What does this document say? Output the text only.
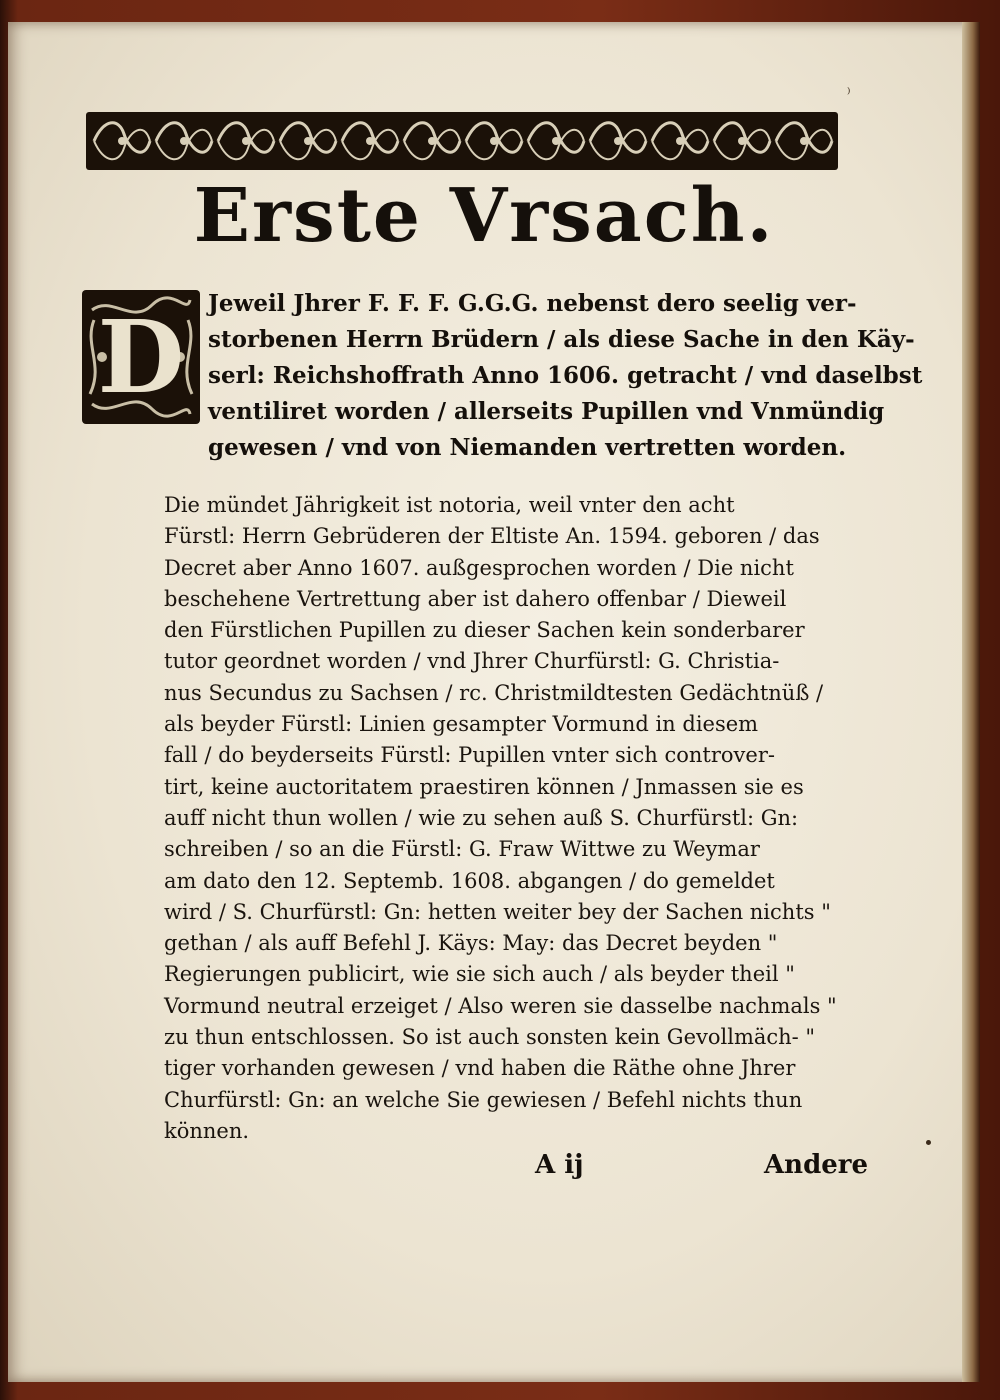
⁾
Erste Vrsach.
D Jeweil Jhrer F. F. F. G.G.G. nebenst dero seelig ver-
storbenen Herrn Brüdern / als diese Sache in den Käy-
serl: Reichshoffrath Anno 1606. getracht / vnd daselbst
ventiliret worden / allerseits Pupillen vnd Vnmündig
gewesen / vnd von Niemanden vertretten worden.
Die mündet Jährigkeit ist notoria, weil vnter den acht
Fürstl: Herrn Gebrüderen der Eltiste An. 1594. geboren / das
Decret aber Anno 1607. außgesprochen worden / Die nicht
beschehene Vertrettung aber ist dahero offenbar / Dieweil
den Fürstlichen Pupillen zu dieser Sachen kein sonderbarer
tutor geordnet worden / vnd Jhrer Churfürstl: G. Christia-
nus Secundus zu Sachsen / rc. Christmildtesten Gedächtnüß /
als beyder Fürstl: Linien gesampter Vormund in diesem
fall / do beyderseits Fürstl: Pupillen vnter sich controver-
tirt, keine auctoritatem praestiren können / Jnmassen sie es
auff nicht thun wollen / wie zu sehen auß S. Churfürstl: Gn:
schreiben / so an die Fürstl: G. Fraw Wittwe zu Weymar
am dato den 12. Septemb. 1608. abgangen / do gemeldet
wird / S. Churfürstl: Gn: hetten weiter bey der Sachen nichts "
gethan / als auff Befehl J. Käys: May: das Decret beyden "
Regierungen publicirt, wie sie sich auch / als beyder theil "
Vormund neutral erzeiget / Also weren sie dasselbe nachmals "
zu thun entschlossen. So ist auch sonsten kein Gevollmäch- "
tiger vorhanden gewesen / vnd haben die Räthe ohne Jhrer
Churfürstl: Gn: an welche Sie gewiesen / Befehl nichts thun
können.
A ij	Andere
